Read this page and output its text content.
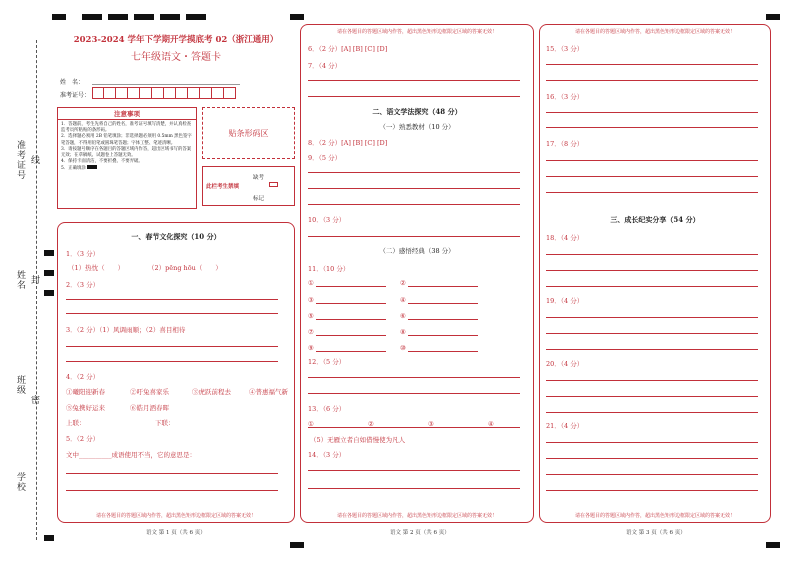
准考证号
姓名
班级
学校
线
封
密
2023-2024 学年下学期开学摸底考 02（浙江通用）
七年级语文・答题卡
姓　名：
准考证号：
注意事项
1．答题前，考生先将自己的姓名，准考证号填写清楚，并认真检查监考员所粘贴的条形码。
2．选择题必须用 2B 铅笔填涂；非选择题必须用 0.5mm 黑色签字笔答题，不得用铅笔或圆珠笔答题；字体工整、笔迹清晰。
3．请按题号顺序在各题目的答题区域内作答，超出区域书写的答案无效；在草稿纸、试题卷上答题无效。
4．保持卡面清洁，不要折叠、不要弄破。
5．正确填涂
贴条形码区
此栏考生禁填
缺考
标记
一、春节文化探究（10 分）
1．（3 分）
（1）热忱（　　）	（2）pēng hōu（　　）
2．（3 分）
3．（2 分）（1）风调雨顺；（2）喜目相待
4．（2 分）
①曦阳迎新春	②吁兔喜家乐	③虎跃前程去	④普惠福气新
⑤兔携好运来	⑥皓月洒春晖
上联：	下联：
5．（2 分）
文中__________成语使用不当，它的意思是：
请在各题目的答题区域内作答，超出黑色矩形边框限定区域的答案无效！
语文 第 1 页（共 6 页）
请在各题目的答题区域内作答，超出黑色矩形边框限定区域的答案无效！
6．（2 分）[A] [B] [C] [D]
7．（4 分）
二、语文学法探究（48 分）
（一）熟悉教材（10 分）
8．（2 分）[A] [B] [C] [D]
9．（5 分）
10．（3 分）
（二）感悟经典（38 分）
11．（10 分）
①	②
③	④
⑤	⑥
⑦	⑧
⑨	⑩
12．（5 分）
13．（6 分）
①	②	③	④
（5）无雁立者自如借慢使为凡人
14．（3 分）
请在各题目的答题区域内作答，超出黑色矩形边框限定区域的答案无效！
语文 第 2 页（共 6 页）
请在各题目的答题区域内作答，超出黑色矩形边框限定区域的答案无效！
15．（3 分）
16．（3 分）
17．（8 分）
三、成长纪实分享（54 分）
18．（4 分）
19．（4 分）
20．（4 分）
21．（4 分）
请在各题目的答题区域内作答，超出黑色矩形边框限定区域的答案无效！
语文 第 3 页（共 6 页）
